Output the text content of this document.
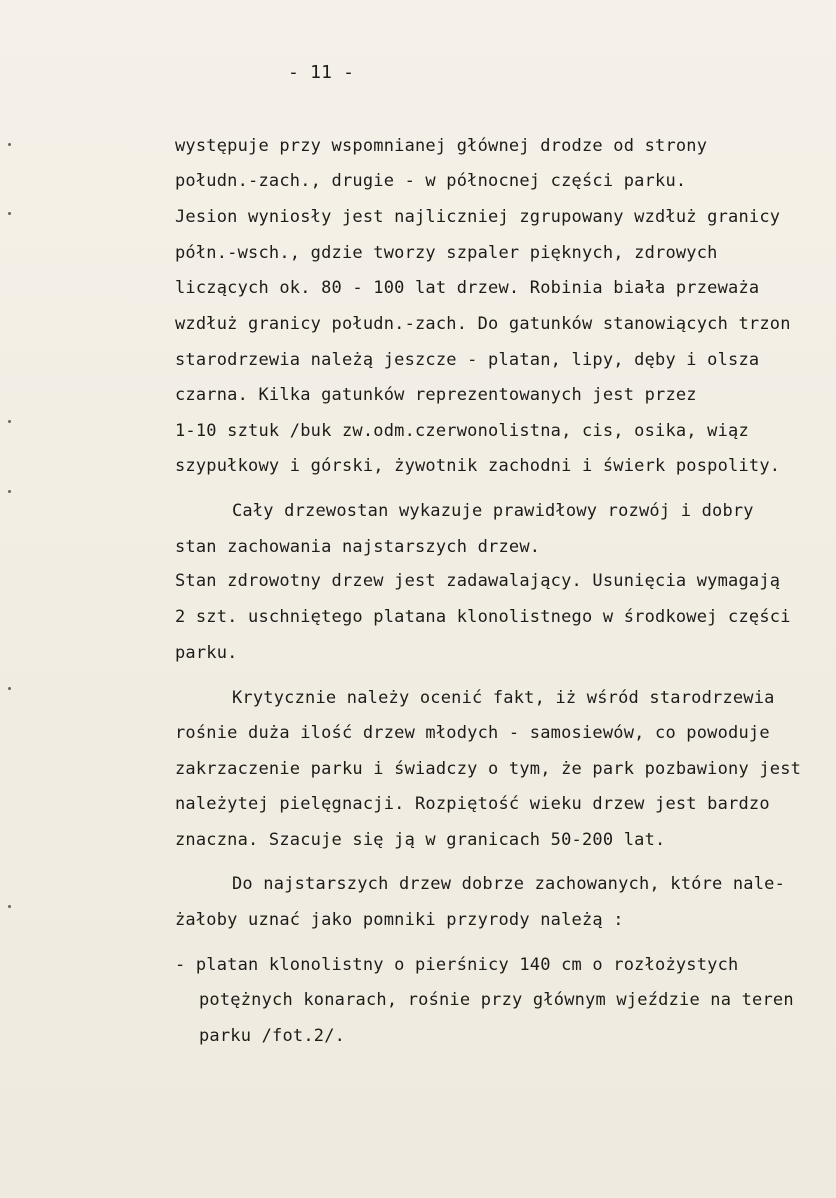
- 11 -
występuje przy wspomnianej głównej drodze od strony
połudn.-zach., drugie - w północnej części parku.
Jesion wyniosły jest najliczniej zgrupowany wzdłuż granicy
półn.-wsch., gdzie tworzy szpaler pięknych, zdrowych
liczących ok. 80 - 100 lat drzew. Robinia biała przeważa
wzdłuż granicy połudn.-zach. Do gatunków stanowiących trzon
starodrzewia należą jeszcze - platan, lipy, dęby i olsza
czarna. Kilka gatunków reprezentowanych jest przez
1-10 sztuk /buk zw.odm.czerwonolistna, cis, osika, wiąz
szypułkowy i górski, żywotnik zachodni i świerk pospolity.
Cały drzewostan wykazuje prawidłowy rozwój i dobry
stan zachowania najstarszych drzew.
Stan zdrowotny drzew jest zadawalający. Usunięcia wymagają
2 szt. uschniętego platana klonolistnego w środkowej części
parku.
Krytycznie należy ocenić fakt, iż wśród starodrzewia
rośnie duża ilość drzew młodych - samosiewów, co powoduje
zakrzaczenie parku i świadczy o tym, że park pozbawiony jest
należytej pielęgnacji. Rozpiętość wieku drzew jest bardzo
znaczna. Szacuje się ją w granicach 50-200 lat.
Do najstarszych drzew dobrze zachowanych, które nale-
żałoby uznać jako pomniki przyrody należą :
- platan klonolistny o pierśnicy 140 cm o rozłożystych
potężnych konarach, rośnie przy głównym wjeździe na teren
parku /fot.2/.
